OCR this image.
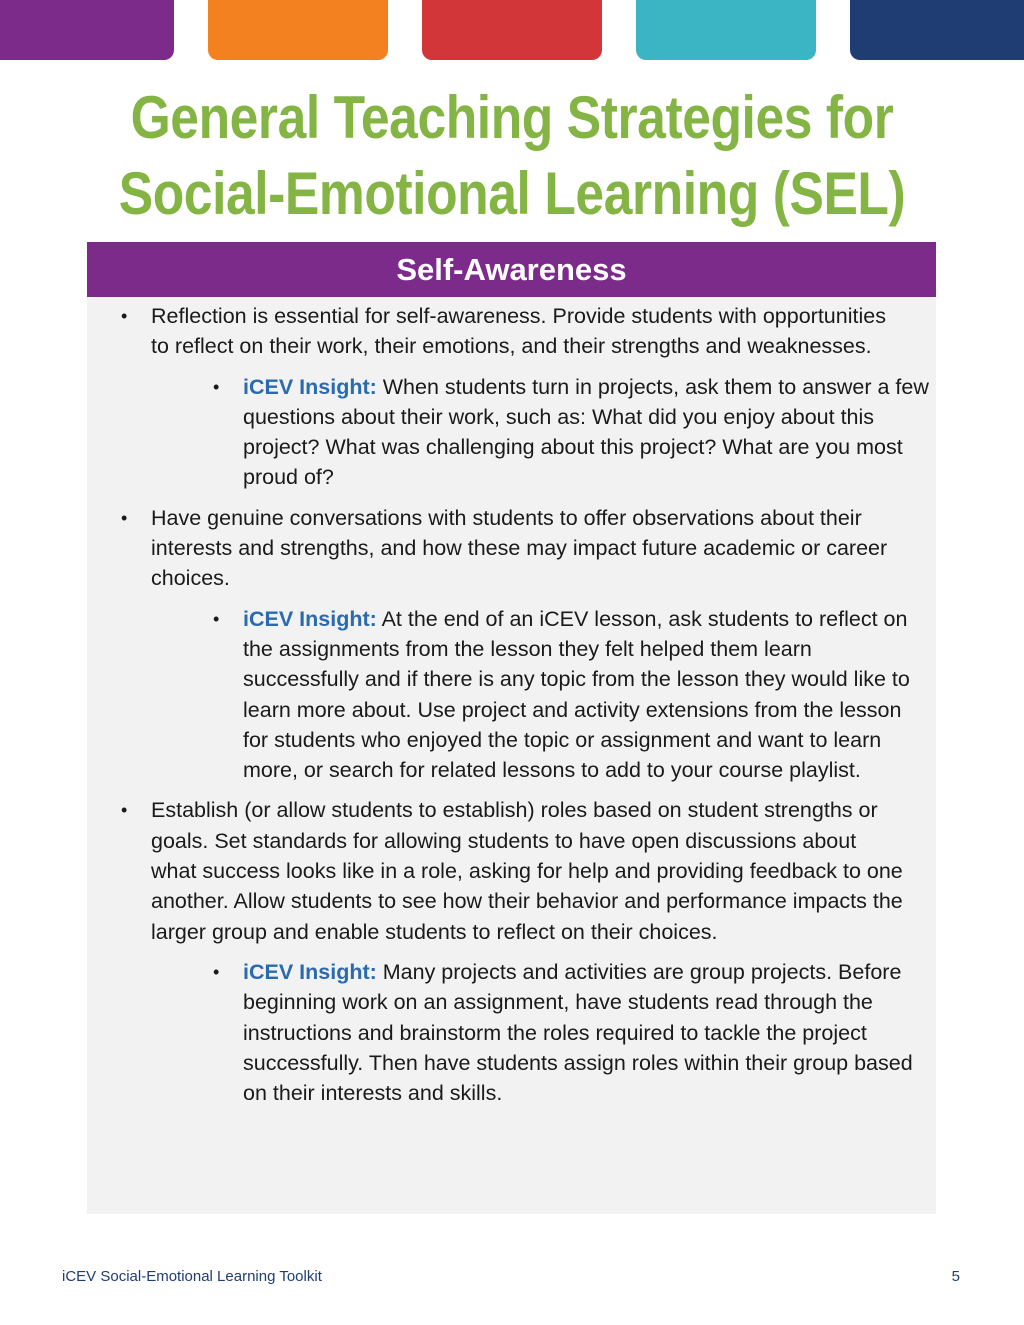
General Teaching Strategies for
Social-Emotional Learning (SEL)
Self-Awareness
• Reflection is essential for self-awareness. Provide students with opportunities to reflect on their work, their emotions, and their strengths and weaknesses.
• iCEV Insight: When students turn in projects, ask them to answer a few questions about their work, such as: What did you enjoy about this project? What was challenging about this project? What are you most proud of?
• Have genuine conversations with students to offer observations about their interests and strengths, and how these may impact future academic or career choices.
• iCEV Insight: At the end of an iCEV lesson, ask students to reflect on the assignments from the lesson they felt helped them learn successfully and if there is any topic from the lesson they would like to learn more about. Use project and activity extensions from the lesson for students who enjoyed the topic or assignment and want to learn more, or search for related lessons to add to your course playlist.
• Establish (or allow students to establish) roles based on student strengths or goals. Set standards for allowing students to have open discussions about what success looks like in a role, asking for help and providing feedback to one another. Allow students to see how their behavior and performance impacts the larger group and enable students to reflect on their choices.
• iCEV Insight: Many projects and activities are group projects. Before beginning work on an assignment, have students read through the instructions and brainstorm the roles required to tackle the project successfully. Then have students assign roles within their group based on their interests and skills.
iCEV Social-Emotional Learning Toolkit	5
